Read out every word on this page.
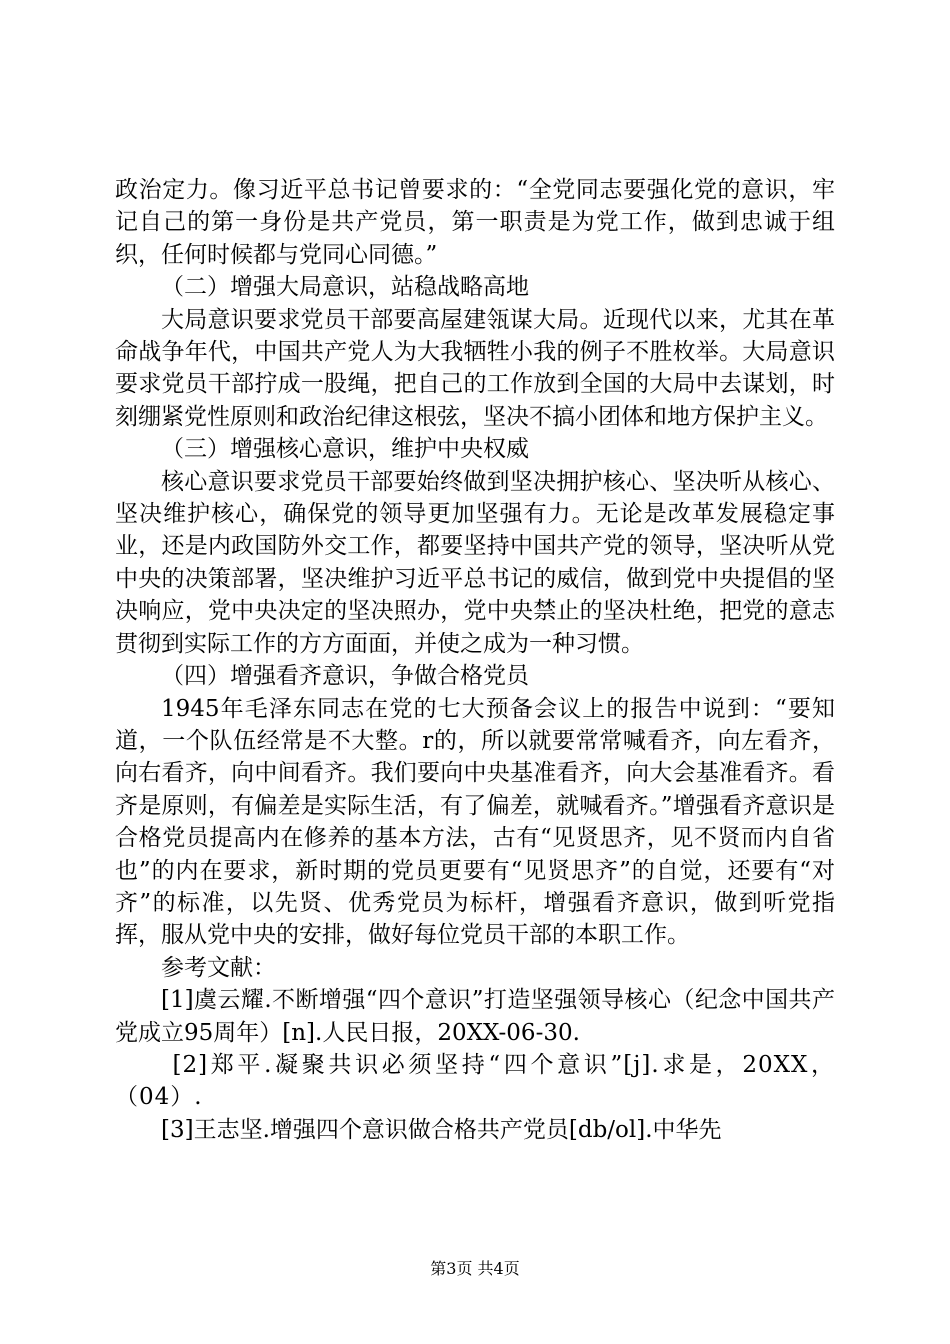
政治定力。像习近平总书记曾要求的：“全党同志要强化党的意识，牢记自己的第一身份是共产党员，第一职责是为党工作，做到忠诚于组织，任何时候都与党同心同德。”

（二）增强大局意识，站稳战略高地

大局意识要求党员干部要高屋建瓴谋大局。近现代以来，尤其在革命战争年代，中国共产党人为大我牺牲小我的例子不胜枚举。大局意识要求党员干部拧成一股绳，把自己的工作放到全国的大局中去谋划，时刻绷紧党性原则和政治纪律这根弦，坚决不搞小团体和地方保护主义。

（三）增强核心意识，维护中央权威

核心意识要求党员干部要始终做到坚决拥护核心、坚决听从核心、坚决维护核心，确保党的领导更加坚强有力。无论是改革发展稳定事业，还是内政国防外交工作，都要坚持中国共产党的领导，坚决听从党中央的决策部署，坚决维护习近平总书记的威信，做到党中央提倡的坚决响应，党中央决定的坚决照办，党中央禁止的坚决杜绝，把党的意志贯彻到实际工作的方方面面，并使之成为一种习惯。

（四）增强看齐意识，争做合格党员

1945年毛泽东同志在党的七大预备会议上的报告中说到：“要知道，一个队伍经常是不大整。r的，所以就要常常喊看齐，向左看齐，向右看齐，向中间看齐。我们要向中央基准看齐，向大会基准看齐。看齐是原则，有偏差是实际生活，有了偏差，就喊看齐。”增强看齐意识是合格党员提高内在修养的基本方法，古有“见贤思齐，见不贤而内自省也”的内在要求，新时期的党员更要有“见贤思齐”的自觉，还要有“对齐”的标准，以先贤、优秀党员为标杆，增强看齐意识，做到听党指挥，服从党中央的安排，做好每位党员干部的本职工作。

参考文献：

[1]虞云耀.不断增强“四个意识”打造坚强领导核心（纪念中国共产党成立95周年）[n].人民日报，20XX-06-30.

[2]郑平.凝聚共识必须坚持“四个意识”[j].求是，20XX，（04）.

[3]王志坚.增强四个意识做合格共产党员[db/ol].中华先

第3页 共4页
